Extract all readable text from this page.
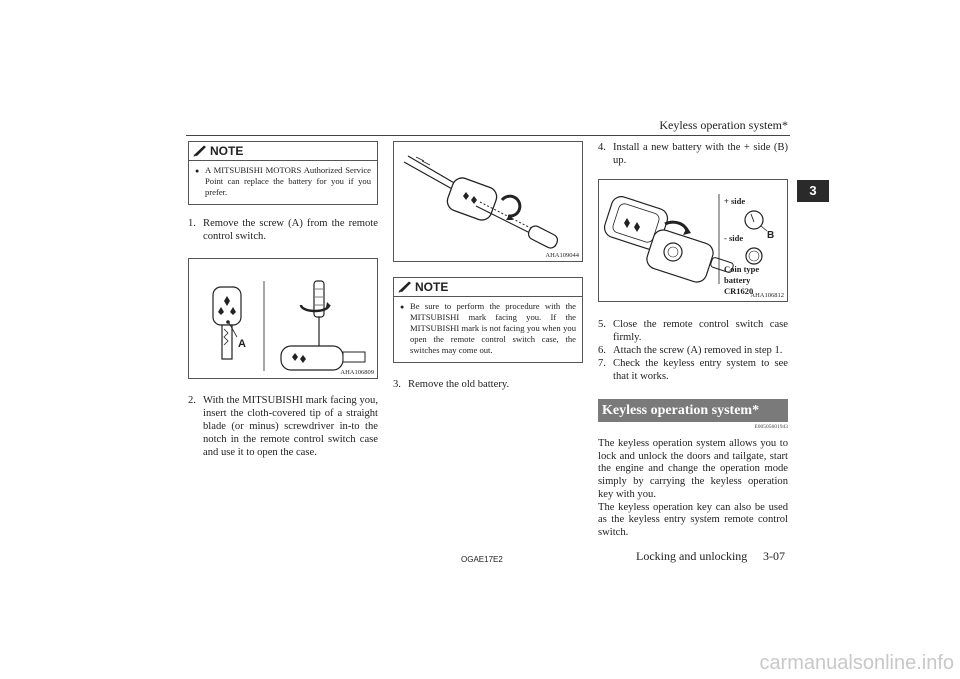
Keyless operation system*
3
NOTE
● A MITSUBISHI MOTORS Authorized Service Point can replace the battery for you if you prefer.
1. Remove the screw (A) from the remote control switch.
A
AHA106809
2. With the MITSUBISHI mark facing you, insert the cloth-covered tip of a straight blade (or minus) screwdriver in-to the notch in the remote control switch case and use it to open the case.
AHA109044
NOTE
● Be sure to perform the procedure with the MITSUBISHI mark facing you. If the MITSUBISHI mark is not facing you when you open the remote control switch case, the switches may come out.
3. Remove the old battery.
4. Install a new battery with the + side (B) up.
+ side
- side B
Coin type
battery
CR1620
AHA106812
5. Close the remote control switch case firmly.
6. Attach the screw (A) removed in step 1.
7. Check the keyless entry system to see that it works.
Keyless operation system*
E00505601943
The keyless operation system allows you to lock and unlock the doors and tailgate, start the engine and change the operation mode simply by carrying the keyless operation key with you.
The keyless operation key can also be used as the keyless entry system remote control switch.
OGAE17E2	Locking and unlocking 3-07
carmanualsonline.info
